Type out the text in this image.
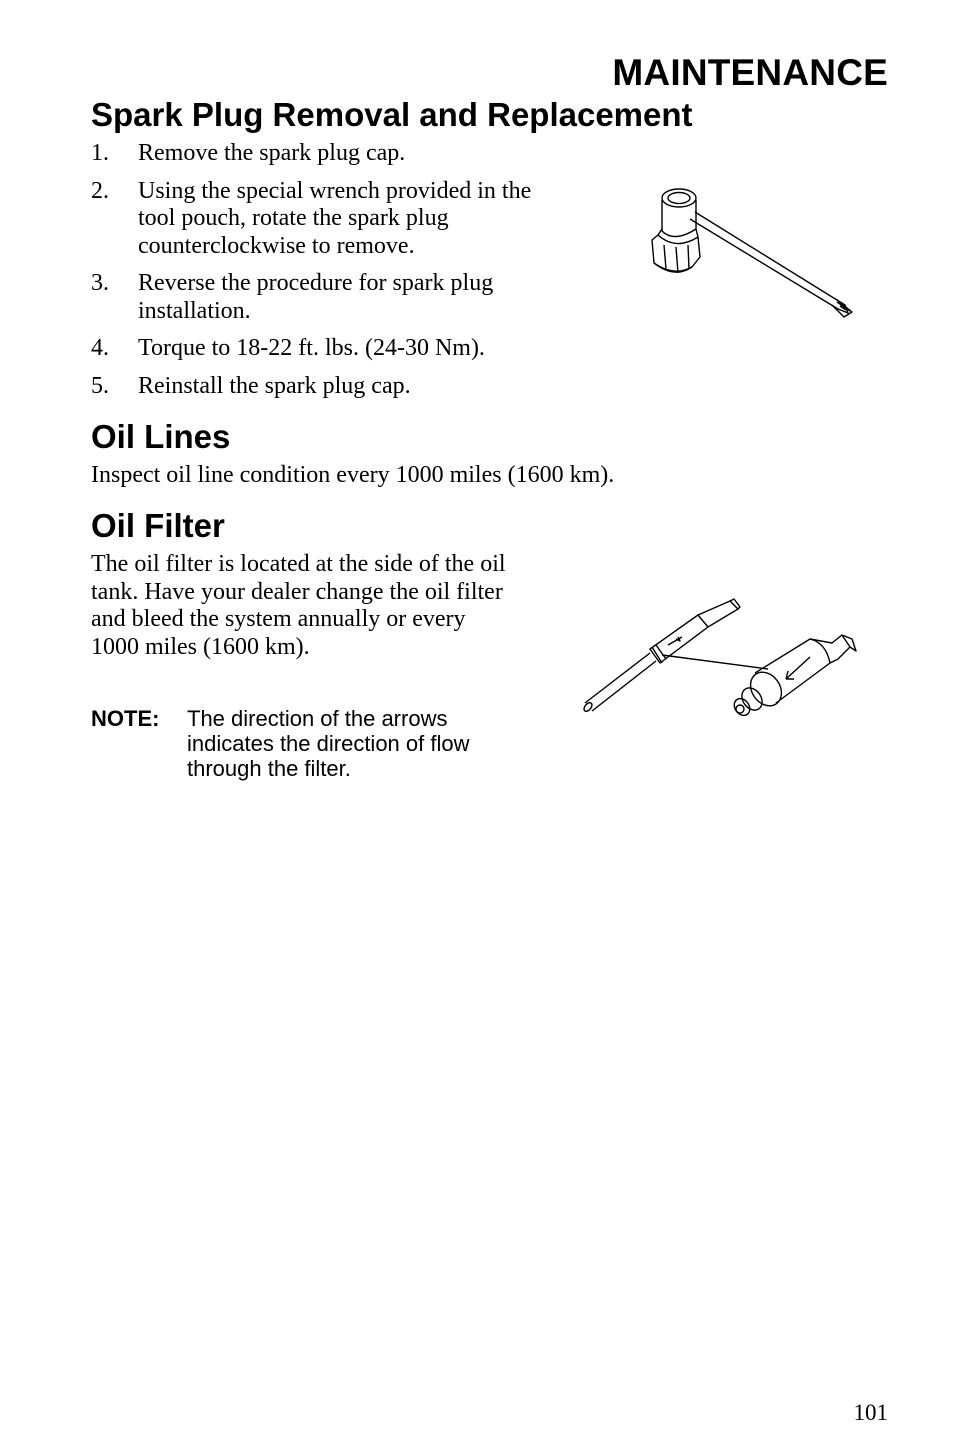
MAINTENANCE
Spark Plug Removal and Replacement
1. Remove the spark plug cap.
2. Using the special wrench provided in the tool pouch, rotate the spark plug counterclockwise to remove.
3. Reverse the procedure for spark plug installation.
4. Torque to 18-22 ft. lbs. (24-30 Nm).
5. Reinstall the spark plug cap.
Oil Lines
Inspect oil line condition every 1000 miles (1600 km).
Oil Filter
The oil filter is located at the side of the oil tank. Have your dealer change the oil filter and bleed the system annually or every 1000 miles (1600 km).
NOTE: The direction of the arrows indicates the direction of flow through the filter.
101
